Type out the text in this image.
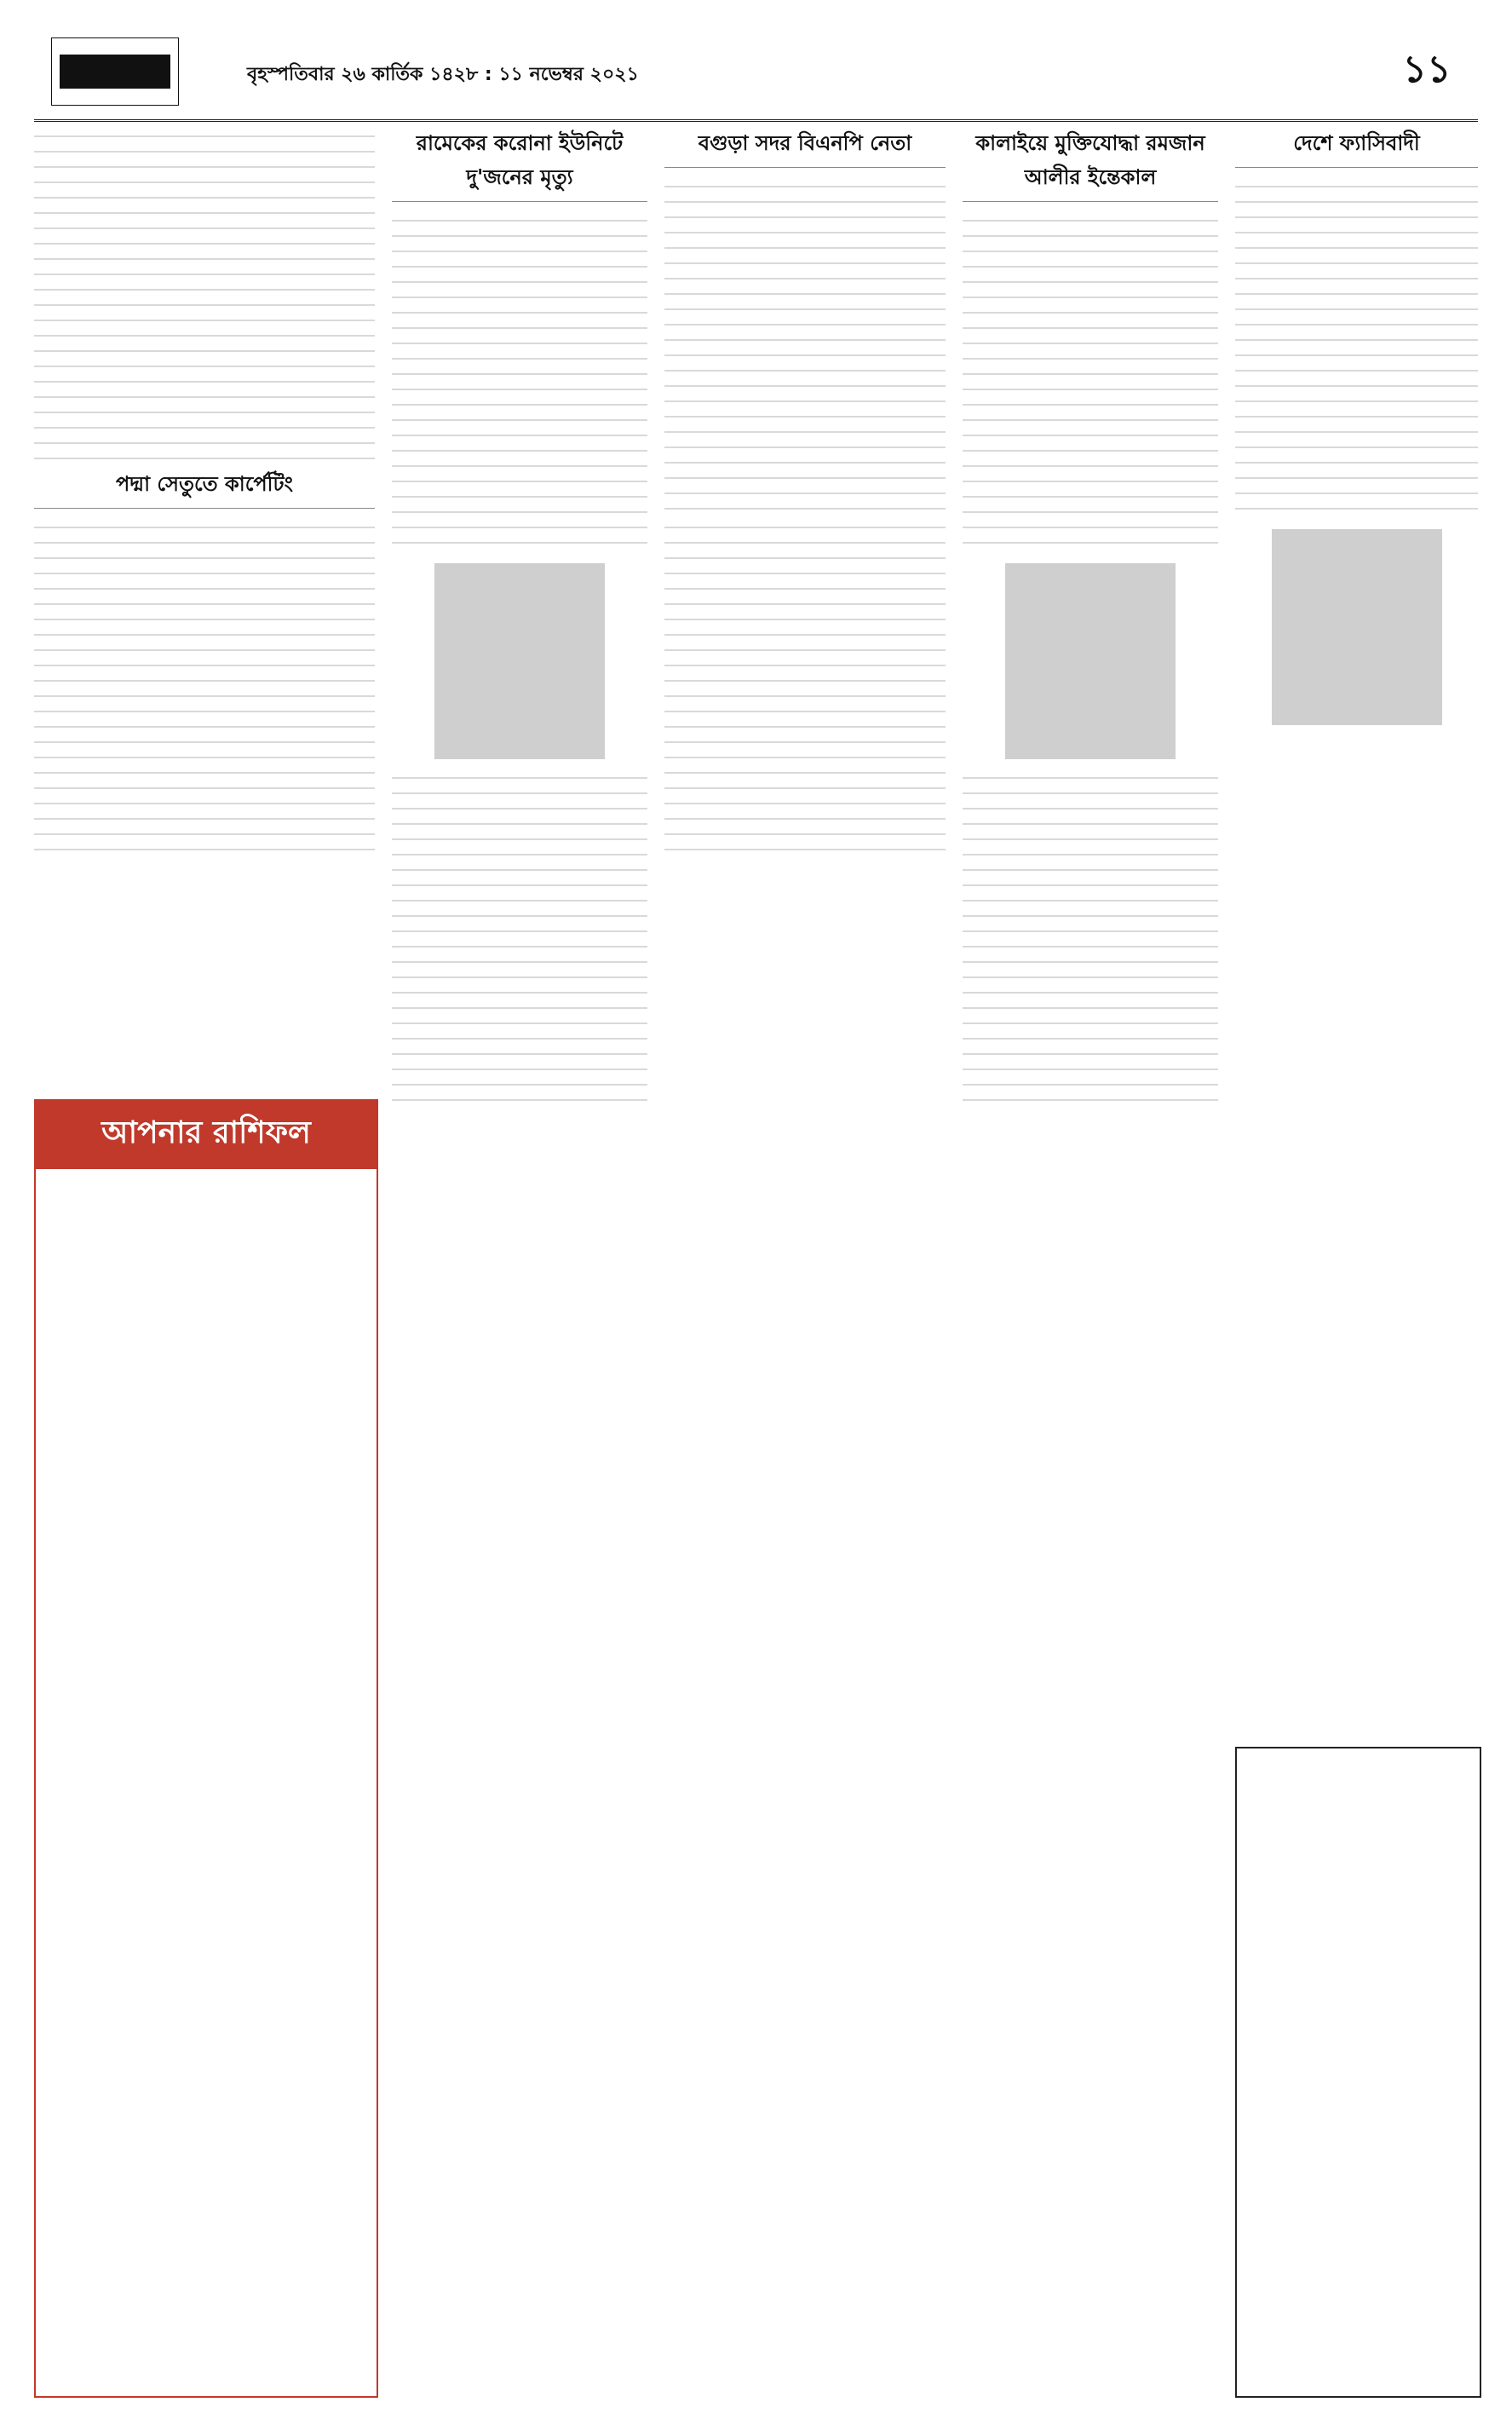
বৃহস্পতিবার ২৬ কার্তিক ১৪২৮ : ১১ নভেম্বর ২০২১	১১
পদ্মা সেতুতে কার্পেটিং
আপনার রাশিফল
রামেকের করোনা ইউনিটে দু'জনের মৃত্যু
বগুড়া সদর বিএনপি নেতা	কালাইয়ে মুক্তিযোদ্ধা রমজান আলীর ইন্তেকাল
দেশে ফ্যাসিবাদী
